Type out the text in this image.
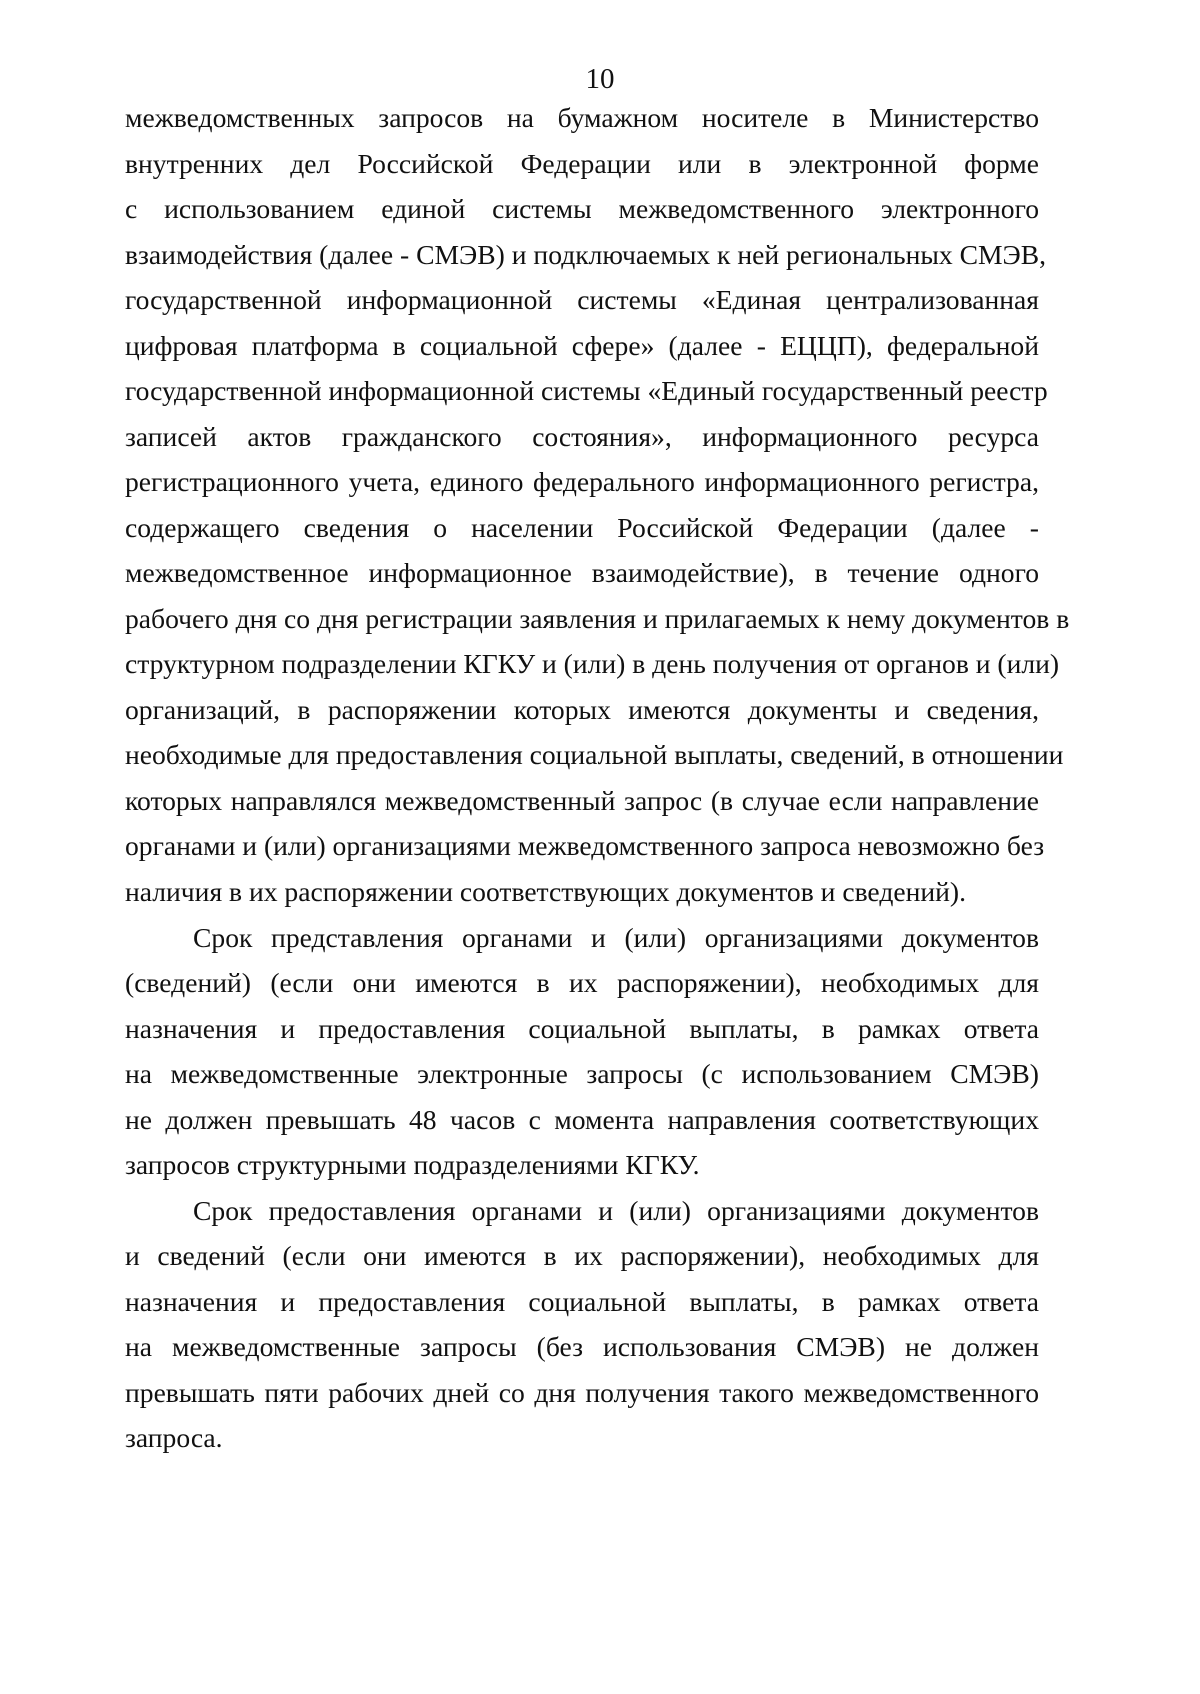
10
межведомственных запросов на бумажном носителе в Министерство
внутренних дел Российской Федерации или в электронной форме
с использованием единой системы межведомственного электронного
взаимодействия (далее - СМЭВ) и подключаемых к ней региональных СМЭВ,
государственной информационной системы «Единая централизованная
цифровая платформа в социальной сфере» (далее - ЕЦЦП), федеральной
государственной информационной системы «Единый государственный реестр
записей актов гражданского состояния», информационного ресурса
регистрационного учета, единого федерального информационного регистра,
содержащего сведения о населении Российской Федерации (далее -
межведомственное информационное взаимодействие), в течение одного
рабочего дня со дня регистрации заявления и прилагаемых к нему документов в
структурном подразделении КГКУ и (или) в день получения от органов и (или)
организаций, в распоряжении которых имеются документы и сведения,
необходимые для предоставления социальной выплаты, сведений, в отношении
которых направлялся межведомственный запрос (в случае если направление
органами и (или) организациями межведомственного запроса невозможно без
наличия в их распоряжении соответствующих документов и сведений).
Срок представления органами и (или) организациями документов
(сведений) (если они имеются в их распоряжении), необходимых для
назначения и предоставления социальной выплаты, в рамках ответа
на межведомственные электронные запросы (с использованием СМЭВ)
не должен превышать 48 часов с момента направления соответствующих
запросов структурными подразделениями КГКУ.
Срок предоставления органами и (или) организациями документов
и сведений (если они имеются в их распоряжении), необходимых для
назначения и предоставления социальной выплаты, в рамках ответа
на межведомственные запросы (без использования СМЭВ) не должен
превышать пяти рабочих дней со дня получения такого межведомственного
запроса.
